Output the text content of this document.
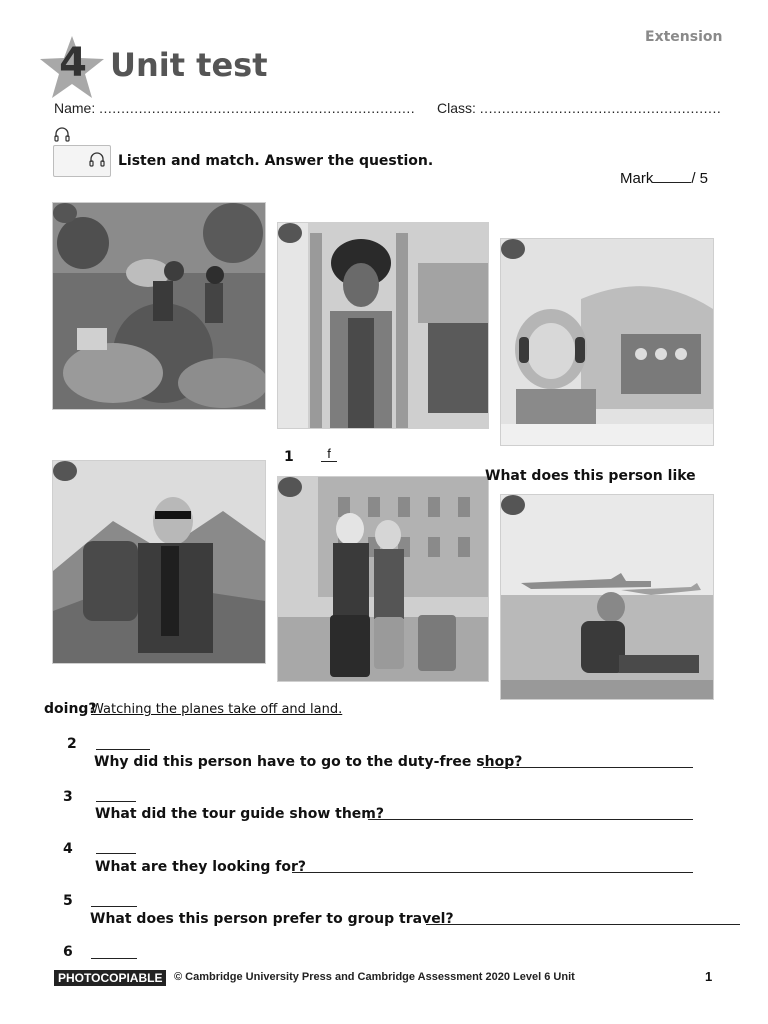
Extension
4 Unit test
Name: ........................................................................ Class: .......................................................
Listen and match. Answer the question.
Mark	/ 5
1	f
What does this person like
doing?
Watching the planes take off and land.
2
Why did this person have to go to the duty-free shop?
3
What did the tour guide show them?
4
What are they looking for?
5
What does this person prefer to group travel?
6
PHOTOCOPIABLE	© Cambridge University Press and Cambridge Assessment 2020 Level 6 Unit	1
